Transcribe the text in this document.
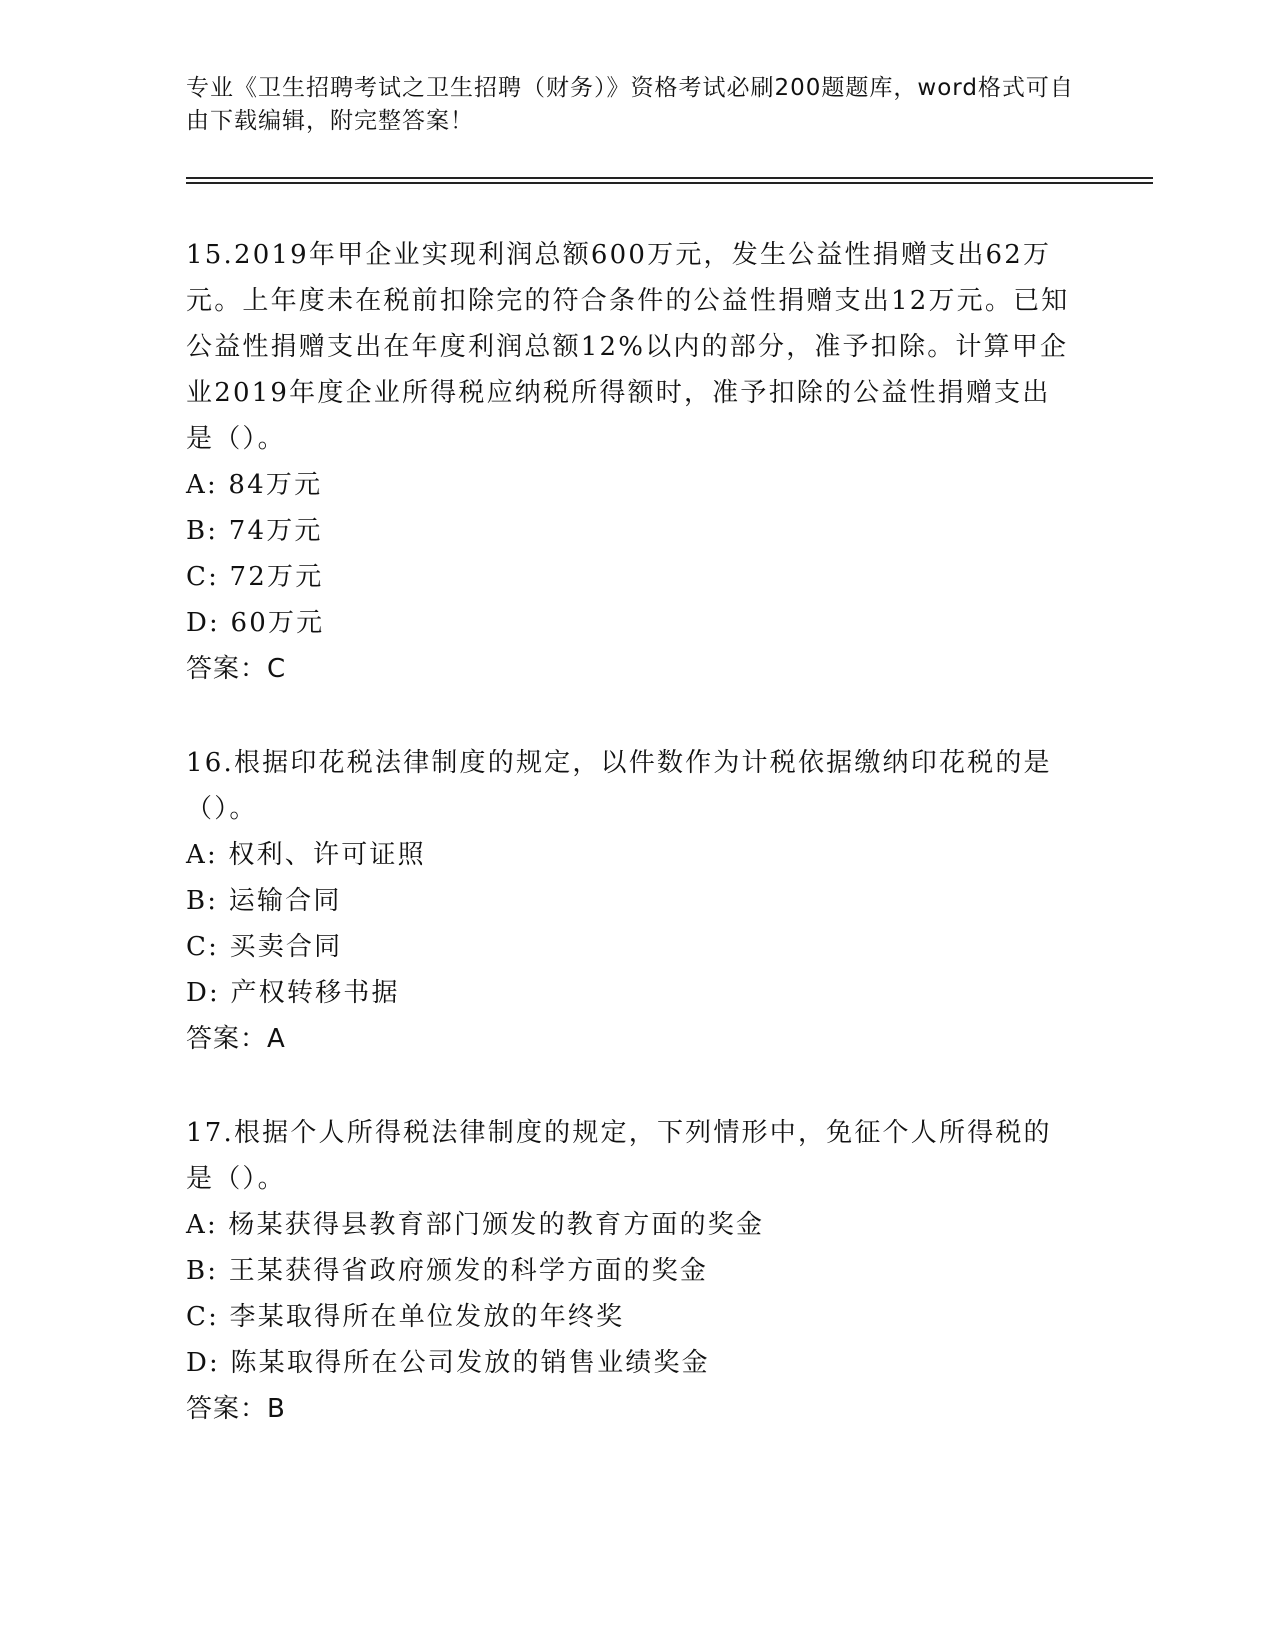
专业《卫生招聘考试之卫生招聘（财务）》资格考试必刷200题题库，word格式可自由下载编辑，附完整答案！

15.2019年甲企业实现利润总额600万元，发生公益性捐赠支出62万元。上年度未在税前扣除完的符合条件的公益性捐赠支出12万元。已知公益性捐赠支出在年度利润总额12%以内的部分，准予扣除。计算甲企业2019年度企业所得税应纳税所得额时，准予扣除的公益性捐赠支出是（）。

A: 84万元

B: 74万元

C: 72万元

D: 60万元

答案：C

16.根据印花税法律制度的规定，以件数作为计税依据缴纳印花税的是（）。

A: 权利、许可证照

B: 运输合同

C: 买卖合同

D: 产权转移书据

答案：A

17.根据个人所得税法律制度的规定，下列情形中，免征个人所得税的是（）。

A: 杨某获得县教育部门颁发的教育方面的奖金

B: 王某获得省政府颁发的科学方面的奖金

C: 李某取得所在单位发放的年终奖

D: 陈某取得所在公司发放的销售业绩奖金

答案：B
